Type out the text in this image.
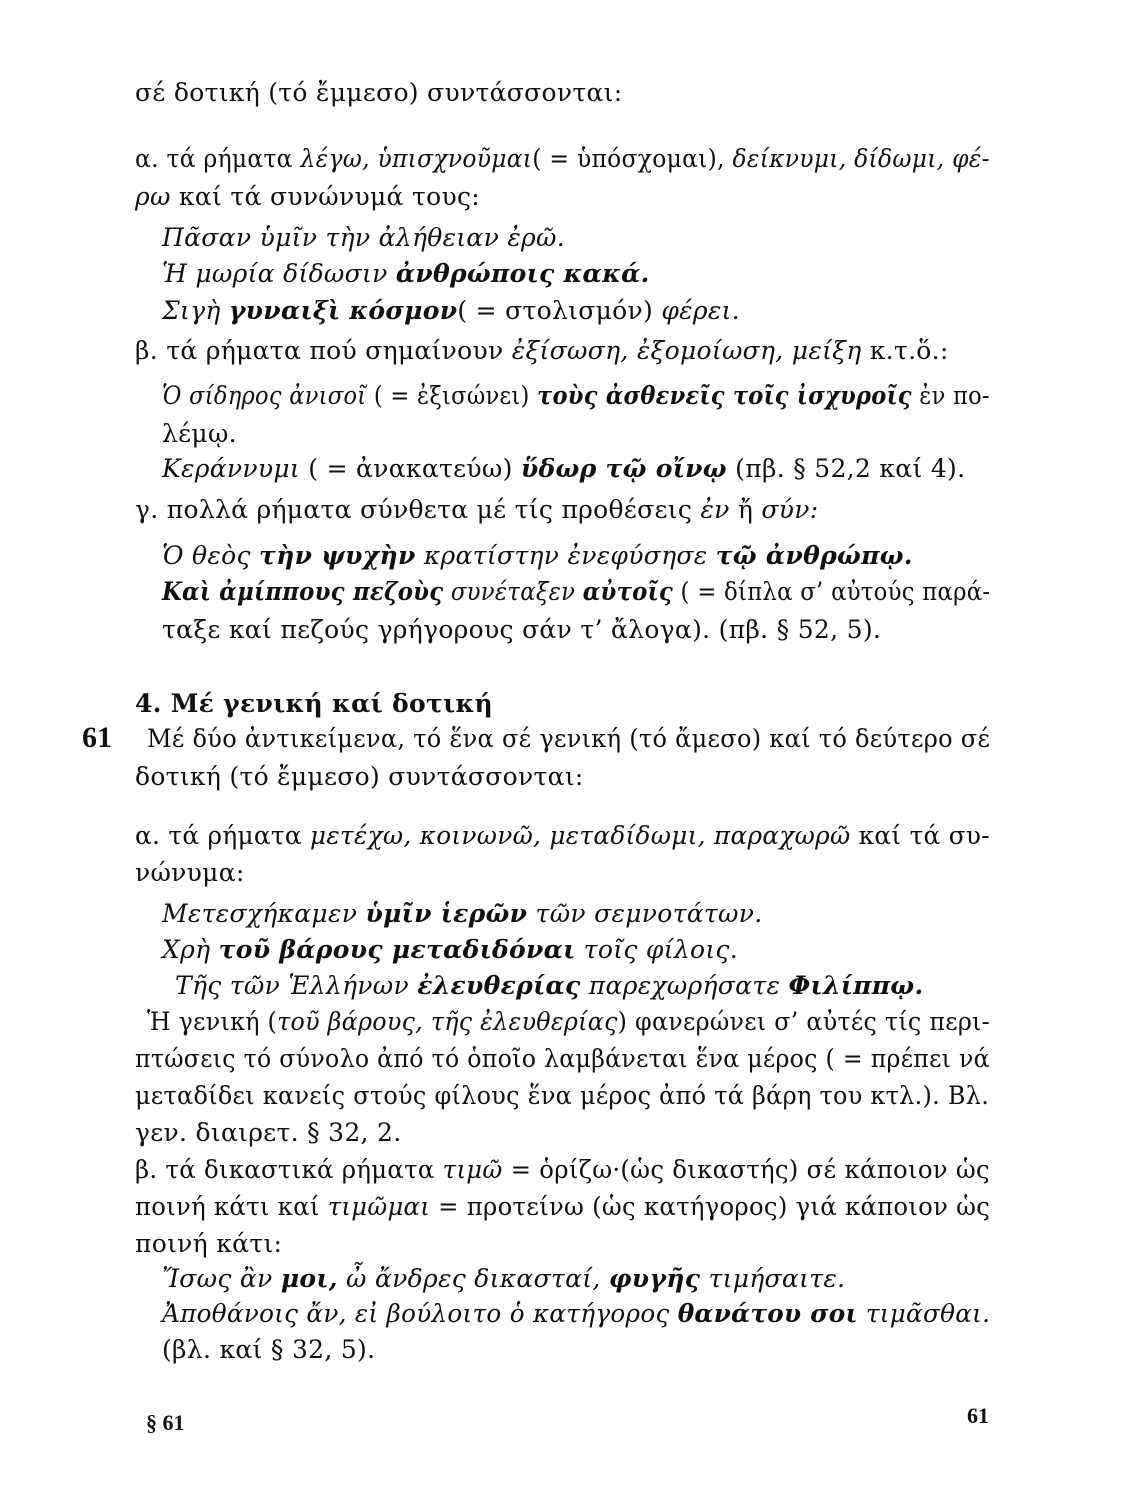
σέ δοτική (τό ἔμμεσο) συντάσσονται:
α. τά ρήματα λέγω, ὑπισχνοῦμαι( = ὑπόσχομαι), δείκνυμι, δίδωμι, φέ-
ρω καί τά συνώνυμά τους:
Πᾶσαν ὑμῖν τὴν ἀλήθειαν ἐρῶ.
Ἡ μωρία δίδωσιν ἀνθρώποις κακά.
Σιγὴ γυναιξὶ κόσμον( = στολισμόν) φέρει.
β. τά ρήματα πού σημαίνουν ἐξίσωση, ἐξομοίωση, μείξη κ.τ.ὅ.:
Ὁ σίδηρος ἀνισοῖ ( = ἐξισώνει) τοὺς ἀσθενεῖς τοῖς ἰσχυροῖς ἐν πο-
λέμῳ.
Κεράννυμι ( = ἀνακατεύω) ὕδωρ τῷ οἴνῳ (πβ. § 52,2 καί 4).
γ. πολλά ρήματα σύνθετα μέ τίς προθέσεις ἐν ἤ σύν:
Ὁ θεὸς τὴν ψυχὴν κρατίστην ἐνεφύσησε τῷ ἀνθρώπῳ.
Καὶ ἀμίππους πεζοὺς συνέταξεν αὐτοῖς ( = δίπλα σ’ αὐτούς παρά-
ταξε καί πεζούς γρήγορους σάν τ’ ἄλογα). (πβ. § 52, 5).
4. Μέ γενική καί δοτική
61 Μέ δύο ἀντικείμενα, τό ἕνα σέ γενική (τό ἄμεσο) καί τό δεύτερο σέ
δοτική (τό ἔμμεσο) συντάσσονται:
α. τά ρήματα μετέχω, κοινωνῶ, μεταδίδωμι, παραχωρῶ καί τά συ-
νώνυμα:
Μετεσχήκαμεν ὑμῖν ἱερῶν τῶν σεμνοτάτων.
Χρὴ τοῦ βάρους μεταδιδόναι τοῖς φίλοις.
Τῆς τῶν Ἑλλήνων ἐλευθερίας παρεχωρήσατε Φιλίππῳ.
Ἡ γενική (τοῦ βάρους, τῆς ἐλευθερίας) φανερώνει σ’ αὐτές τίς περι-
πτώσεις τό σύνολο ἀπό τό ὁποῖο λαμβάνεται ἕνα μέρος ( = πρέπει νά
μεταδίδει κανείς στούς φίλους ἕνα μέρος ἀπό τά βάρη του κτλ.). Βλ.
γεν. διαιρετ. § 32, 2.
β. τά δικαστικά ρήματα τιμῶ = ὁρίζω·(ὡς δικαστής) σέ κάποιον ὡς
ποινή κάτι καί τιμῶμαι = προτείνω (ὡς κατήγορος) γιά κάποιον ὡς
ποινή κάτι:
Ἴσως ἂν μοι, ὦ ἄνδρες δικασταί, φυγῆς τιμήσαιτε.
Ἀποθάνοις ἄν, εἰ βούλοιτο ὁ κατήγορος θανάτου σοι τιμᾶσθαι.
(βλ. καί § 32, 5).
§ 61	61
